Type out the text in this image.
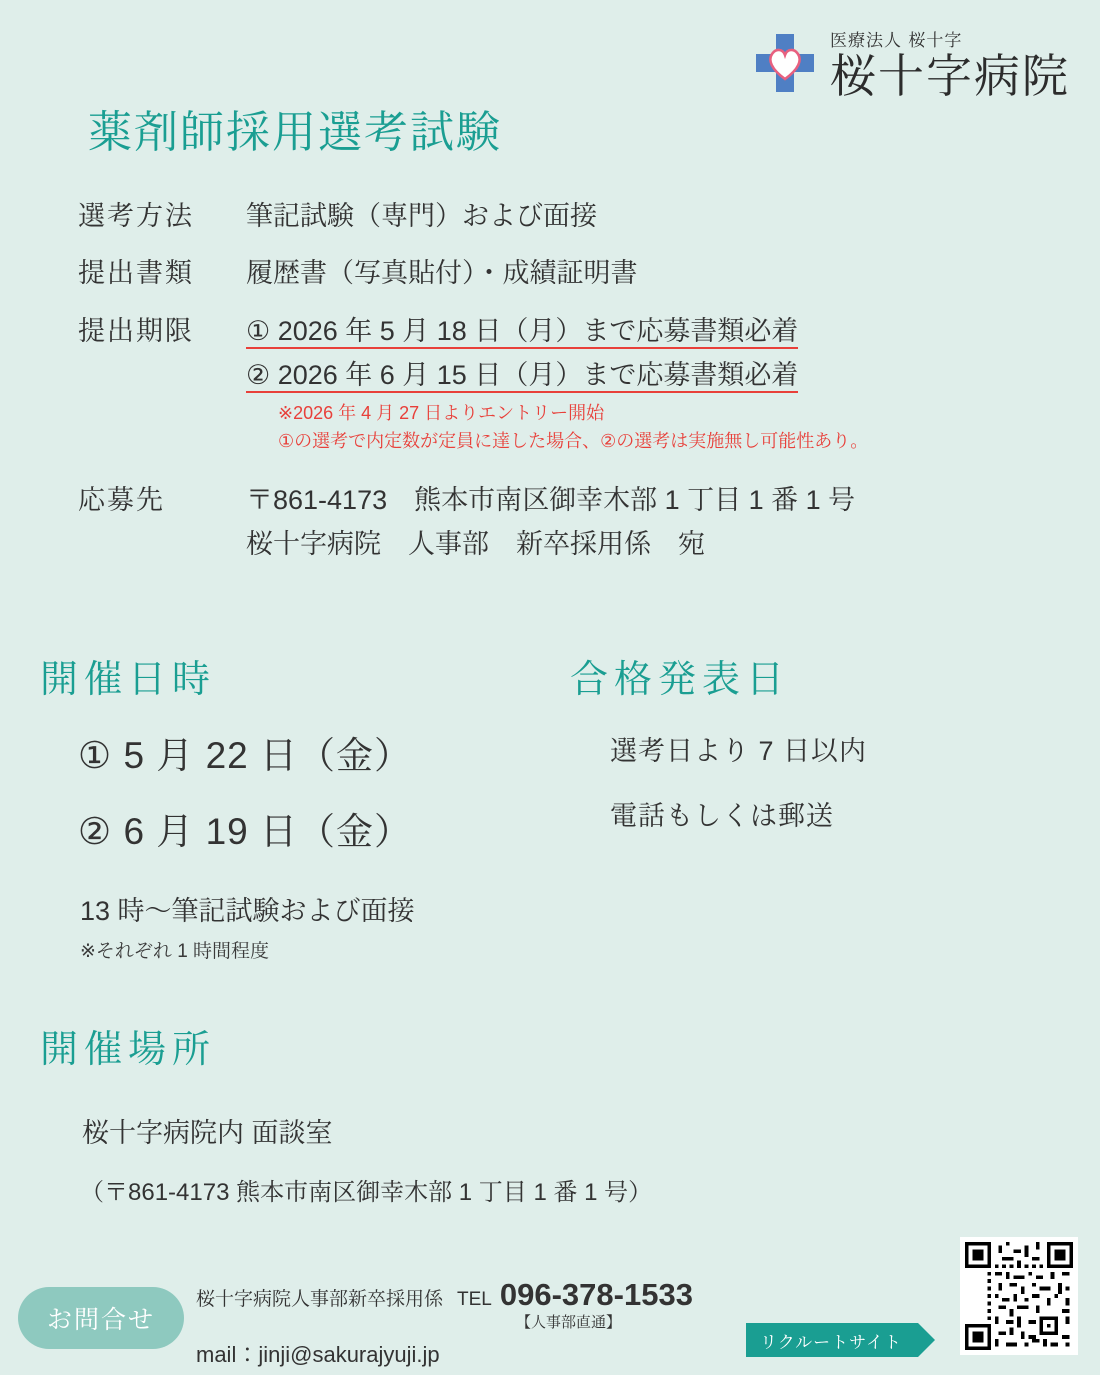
医療法人 桜十字
桜十字病院
薬剤師採用選考試験
選考方法	筆記試験（専門）および面接
提出書類	履歴書（写真貼付）・成績証明書
提出期限	① 2026 年 5 月 18 日（月）まで応募書類必着
② 2026 年 6 月 15 日（月）まで応募書類必着
※2026 年 4 月 27 日よりエントリー開始
①の選考で内定数が定員に達した場合、②の選考は実施無し可能性あり。
応募先	〒861-4173　熊本市南区御幸木部 1 丁目 1 番 1 号
桜十字病院　人事部　新卒採用係　宛
開催日時
① 5 月 22 日（金）
② 6 月 19 日（金）
13 時〜筆記試験および面接
※それぞれ 1 時間程度
合格発表日
選考日より 7 日以内
電話もしくは郵送
開催場所
桜十字病院内 面談室
（〒861-4173 熊本市南区御幸木部 1 丁目 1 番 1 号）
お問合せ
桜十字病院人事部新卒採用係 TEL 096-378-1533
【人事部直通】
mail：jinji@sakurajyuji.jp	リクルートサイト
